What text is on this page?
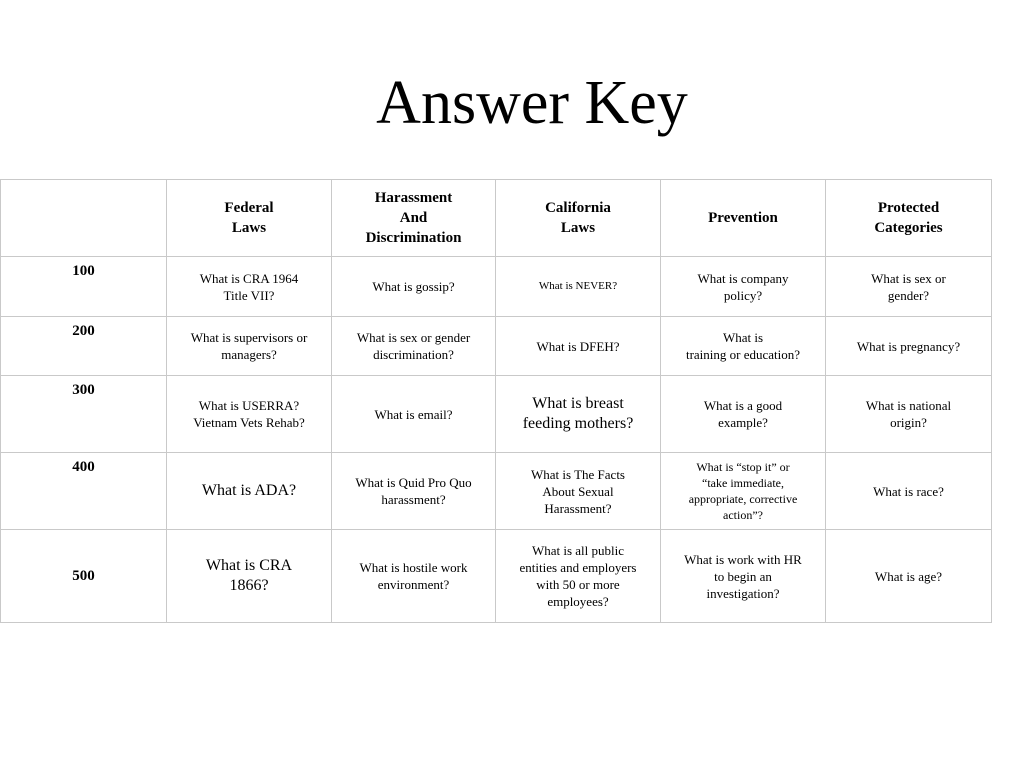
Answer Key

	Federal
Laws	Harassment
And
Discrimination	California
Laws	Prevention	Protected
Categories

100	What is CRA 1964
Title VII?	What is gossip?	What is NEVER?	What is company
policy?	What is sex or
gender?

200	What is supervisors or
managers?	What is sex or gender
discrimination?	What is DFEH?	What is
training or education?	What is pregnancy?

300	What is USERRA?
Vietnam Vets Rehab?	What is email?	What is breast
feeding mothers?	What is a good
example?	What is national
origin?

400	What is ADA?	What is Quid Pro Quo
harassment?	What is The Facts
About Sexual
Harassment?	What is “stop it” or
“take immediate,
appropriate, corrective
action”?	What is race?

500	What is CRA
1866?	What is hostile work
environment?	What is all public
entities and employers
with 50 or more
employees?	What is work with HR
to begin an
investigation?	What is age?
